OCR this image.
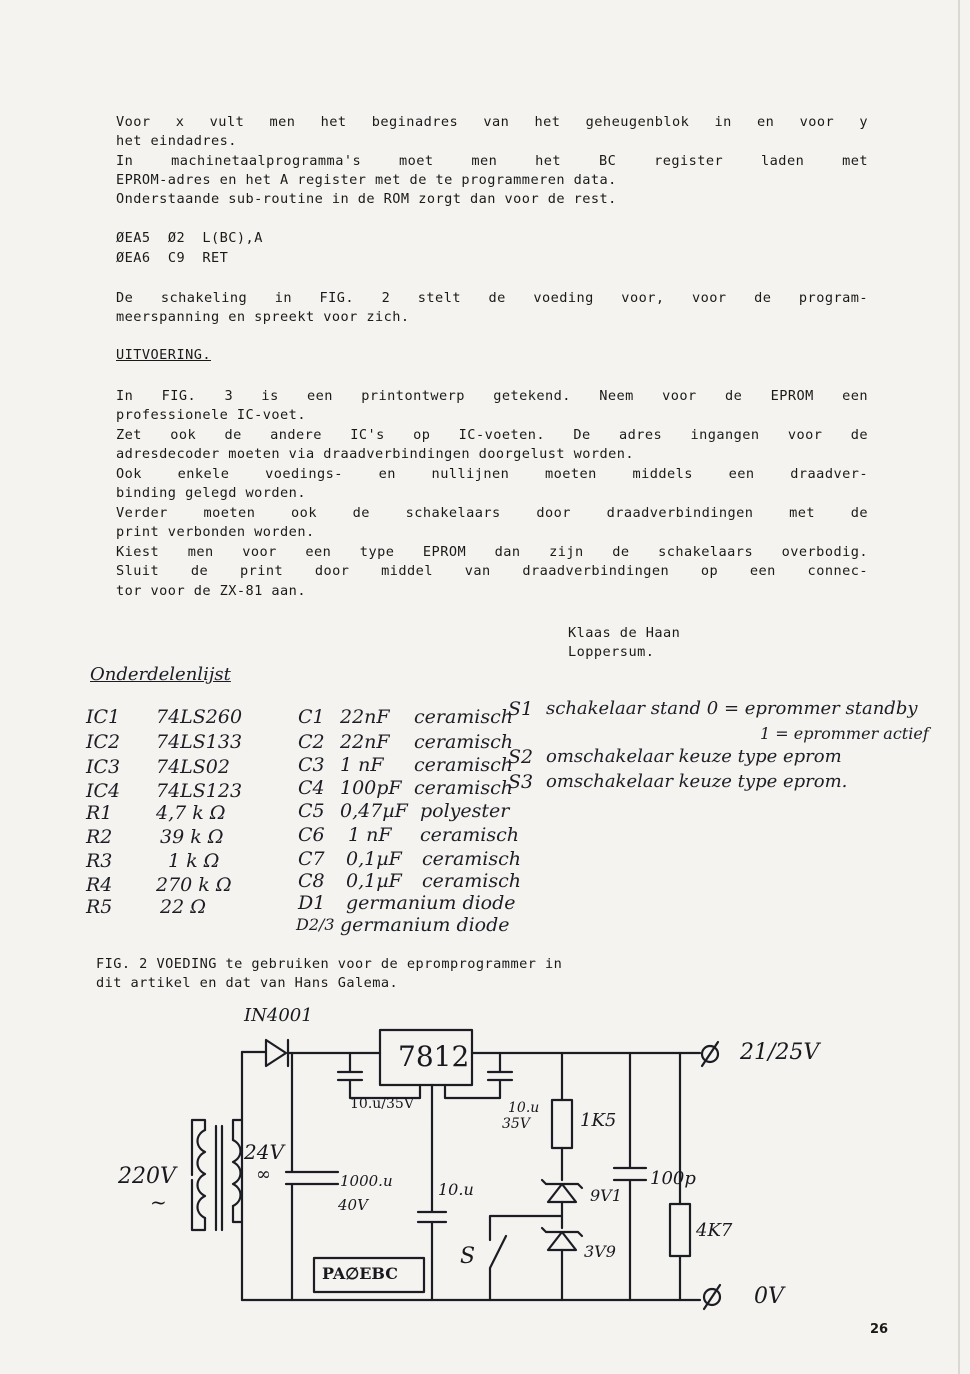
Voor x vult men het beginadres van het geheugenblok in en voor y
het eindadres.
In machinetaalprogramma's moet men het BC register laden met
EPROM-adres en het A register met de te programmeren data.
Onderstaande sub-routine in de ROM zorgt dan voor de rest.
ØEA5 Ø2 L(BC),A
ØEA6 C9 RET
De schakeling in FIG. 2 stelt de voeding voor, voor de program-
meerspanning en spreekt voor zich.
UITVOERING.
In FIG. 3 is een printontwerp getekend. Neem voor de EPROM een
professionele IC-voet.
Zet ook de andere IC's op IC-voeten. De adres ingangen voor de
adresdecoder moeten via draadverbindingen doorgelust worden.
Ook enkele voedings- en nullijnen moeten middels een draadver-
binding gelegd worden.
Verder moeten ook de schakelaars door draadverbindingen met de
print verbonden worden.
Kiest men voor een type EPROM dan zijn de schakelaars overbodig.
Sluit de print door middel van draadverbindingen op een connec-
tor voor de ZX-81 aan.
Klaas de Haan
Loppersum.
Onderdelenlijst
IC1 74LS260
IC2 74LS133
IC3 74LS02
IC4 74LS123
R1 4,7 k Ω
R2	39 k Ω
R3	1 k Ω
R4 270 k Ω
R5	22 Ω
C1 22nF ceramisch
C2 22nF ceramisch
C3 1 nF ceramisch
C4 100pF ceramisch
C5 0,47µF polyester
C6 1 nF ceramisch
C7 0,1µF ceramisch
C8 0,1µF ceramisch
D1 germanium diode
D2/3 germanium diode
S1 schakelaar stand 0 = eprommer standby
1 = eprommer actief
S2 omschakelaar keuze type eprom
S3 omschakelaar keuze type eprom.
FIG. 2 VOEDING te gebruiken voor de epromprogrammer in
dit artikel en dat van Hans Galema.
IN4001
7812	21/25V
0V
10.u/35V	10.u
35V	1K5
4K7
220V
~
24V
∞	1000.u
40V
10.u	9V1
3V9
S
100p
PA∅EBC
26
